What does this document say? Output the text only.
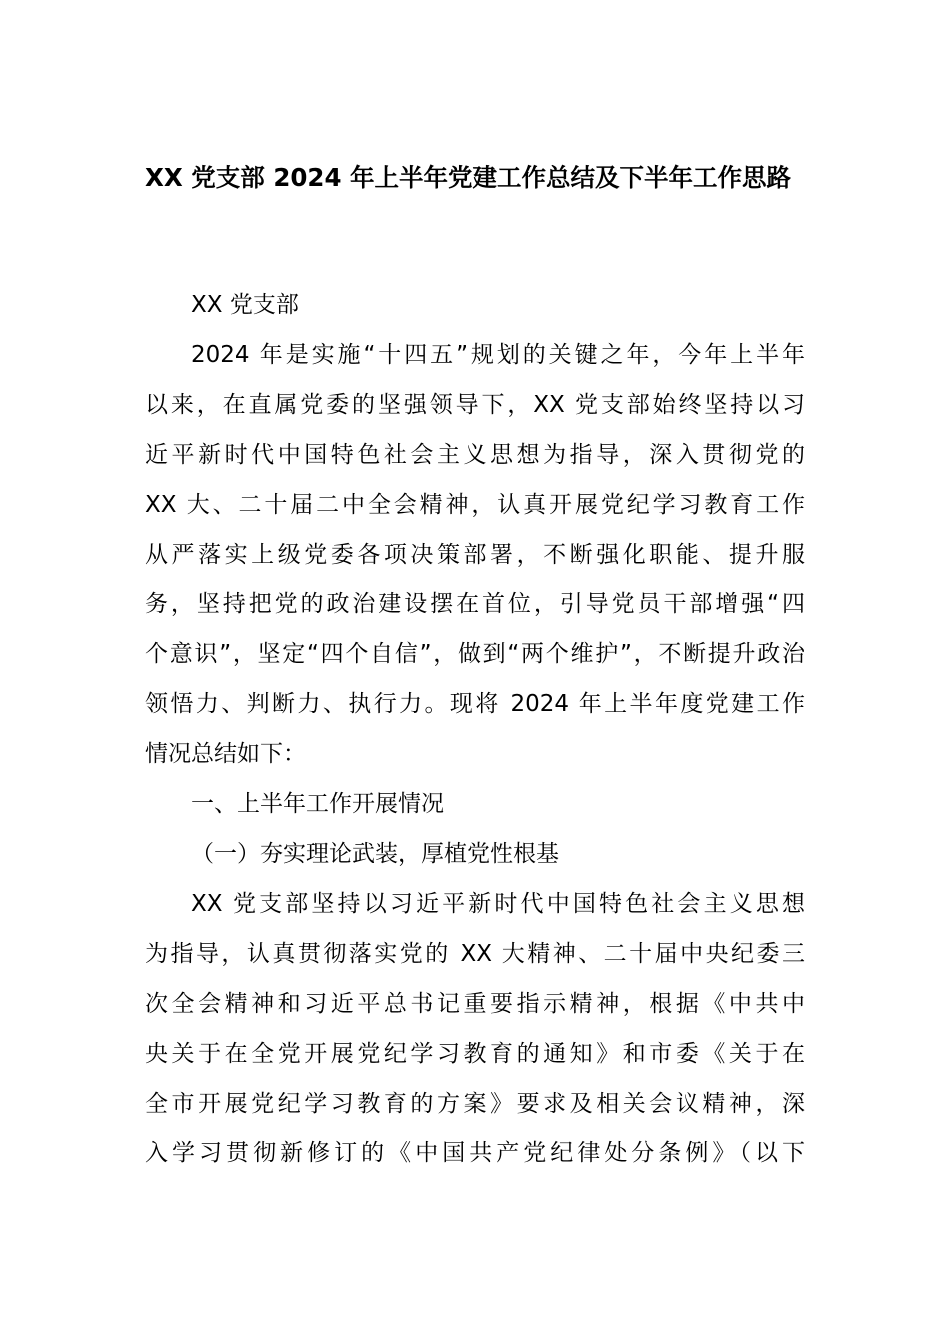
XX 党支部 2024 年上半年党建工作总结及下半年工作思路
XX 党支部
2024 年是实施“十四五”规划的关键之年，今年上半年
以来，在直属党委的坚强领导下，XX 党支部始终坚持以习
近平新时代中国特色社会主义思想为指导，深入贯彻党的
XX 大、二十届二中全会精神，认真开展党纪学习教育工作
从严落实上级党委各项决策部署，不断强化职能、提升服
务，坚持把党的政治建设摆在首位，引导党员干部增强“四
个意识”，坚定“四个自信”，做到“两个维护”，不断提升政治
领悟力、判断力、执行力。现将 2024 年上半年度党建工作
情况总结如下：
一、上半年工作开展情况
（一）夯实理论武装，厚植党性根基
XX 党支部坚持以习近平新时代中国特色社会主义思想
为指导，认真贯彻落实党的 XX 大精神、二十届中央纪委三
次全会精神和习近平总书记重要指示精神，根据《中共中
央关于在全党开展党纪学习教育的通知》和市委《关于在
全市开展党纪学习教育的方案》要求及相关会议精神，深
入学习贯彻新修订的《中国共产党纪律处分条例》（以下
